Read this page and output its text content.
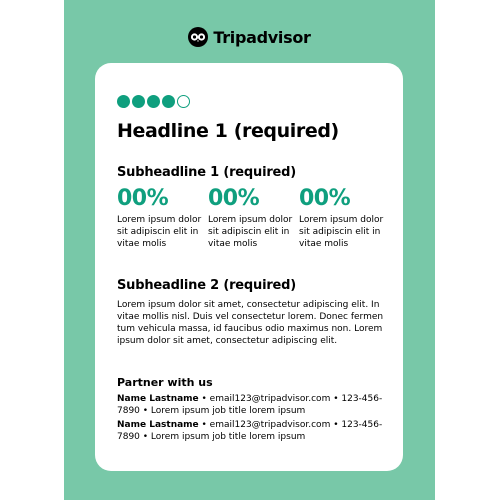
Tripadvisor
Headline 1 (required)
Subheadline 1 (required)
00%
Lorem ipsum dolor sit adipiscin elit in vitae molis
00%
Lorem ipsum dolor sit adipiscin elit in vitae molis
00%
Lorem ipsum dolor sit adipiscin elit in vitae molis
Subheadline 2 (required)
Lorem ipsum dolor sit amet, consectetur adipiscing elit. In vitae mollis nisl. Duis vel consectetur lorem. Donec fermen tum vehicula massa, id faucibus odio maximus non. Lorem ipsum dolor sit amet, consectetur adipiscing elit.
Partner with us
Name Lastname • email123@tripadvisor.com • 123-456-7890 • Lorem ipsum job title lorem ipsum
Name Lastname • email123@tripadvisor.com • 123-456-7890 • Lorem ipsum job title lorem ipsum
